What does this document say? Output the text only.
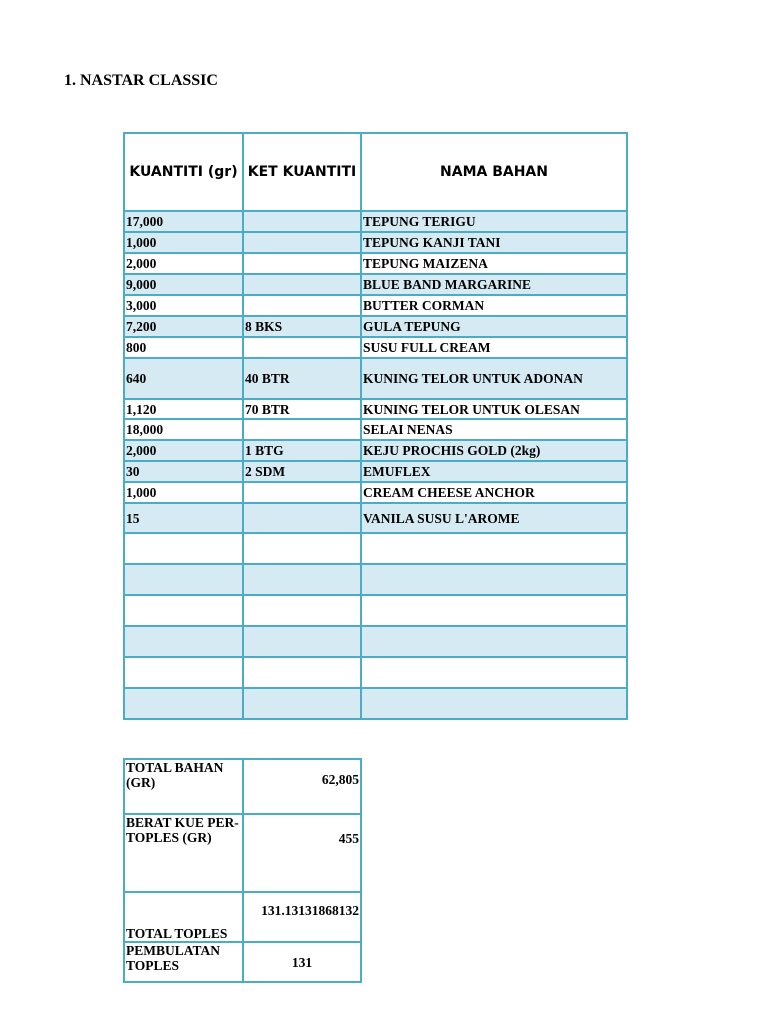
1. NASTAR CLASSIC
KUANTITI (gr)	KET KUANTITI	NAMA BAHAN
17,000		TEPUNG TERIGU
1,000		TEPUNG KANJI TANI
2,000		TEPUNG MAIZENA
9,000		BLUE BAND MARGARINE
3,000		BUTTER CORMAN
7,200	8 BKS	GULA TEPUNG
800		SUSU FULL CREAM
640	40 BTR	KUNING TELOR UNTUK ADONAN
1,120	70 BTR	KUNING TELOR UNTUK OLESAN
18,000		SELAI NENAS
2,000	1 BTG	KEJU PROCHIS GOLD (2kg)
30	2 SDM	EMUFLEX
1,000		CREAM CHEESE ANCHOR
15		VANILA SUSU L'AROME

TOTAL BAHAN (GR)	62,805
BERAT KUE PER-TOPLES (GR)	455
TOTAL TOPLES	131.13131868132
PEMBULATAN TOPLES	131
